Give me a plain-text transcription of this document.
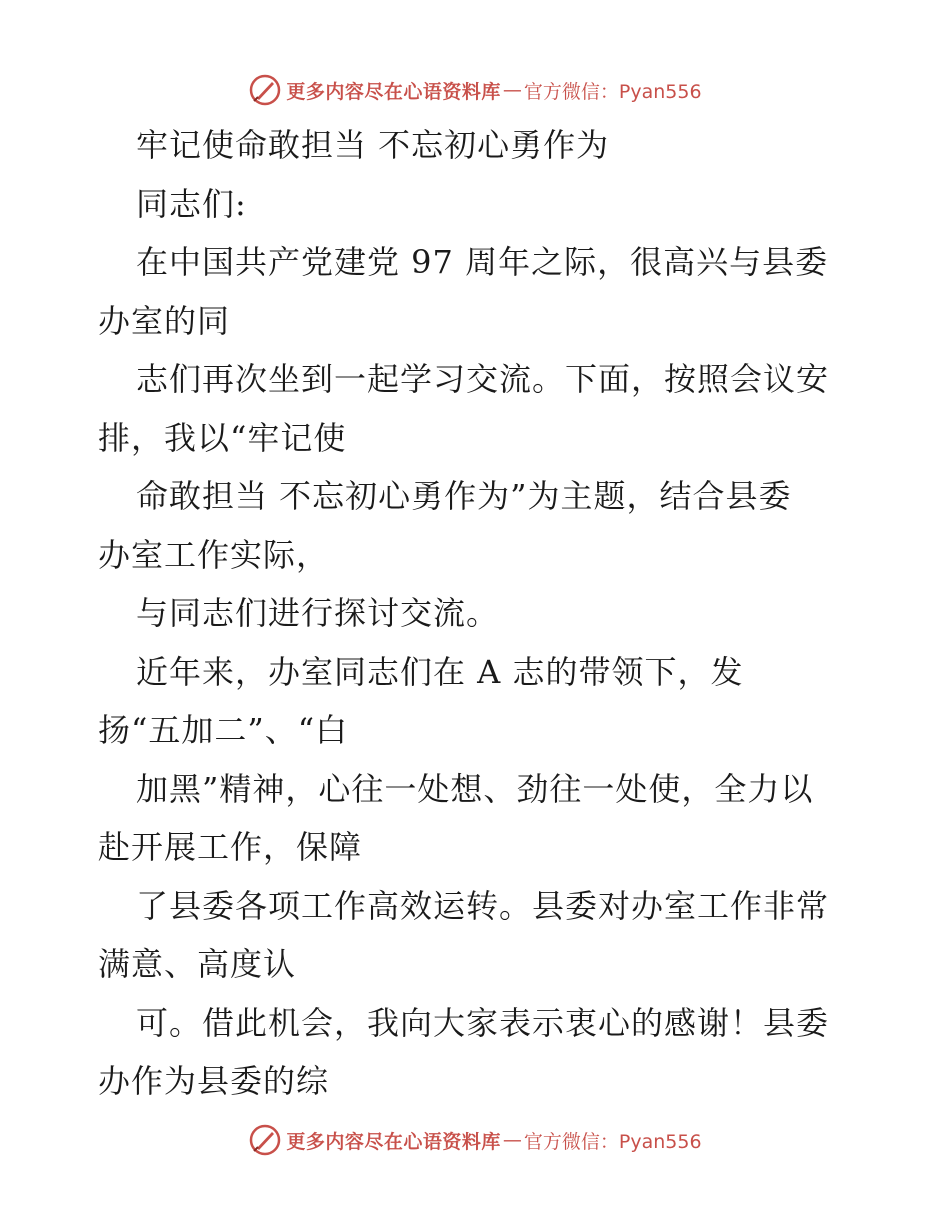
更多内容尽在心语资料库 — 官方微信：Pyan556
牢记使命敢担当 不忘初心勇作为
同志们:
在中国共产党建党 97 周年之际，很高兴与县委
办室的同
志们再次坐到一起学习交流。下面，按照会议安
排，我以“牢记使
命敢担当 不忘初心勇作为”为主题，结合县委
办室工作实际，
与同志们进行探讨交流。
近年来，办室同志们在 A 志的带领下，发
扬“五加二”、“白
加黑”精神，心往一处想、劲往一处使，全力以
赴开展工作，保障
了县委各项工作高效运转。县委对办室工作非常
满意、高度认
可。借此机会，我向大家表示衷心的感谢！县委
办作为县委的综
更多内容尽在心语资料库 — 官方微信：Pyan556
